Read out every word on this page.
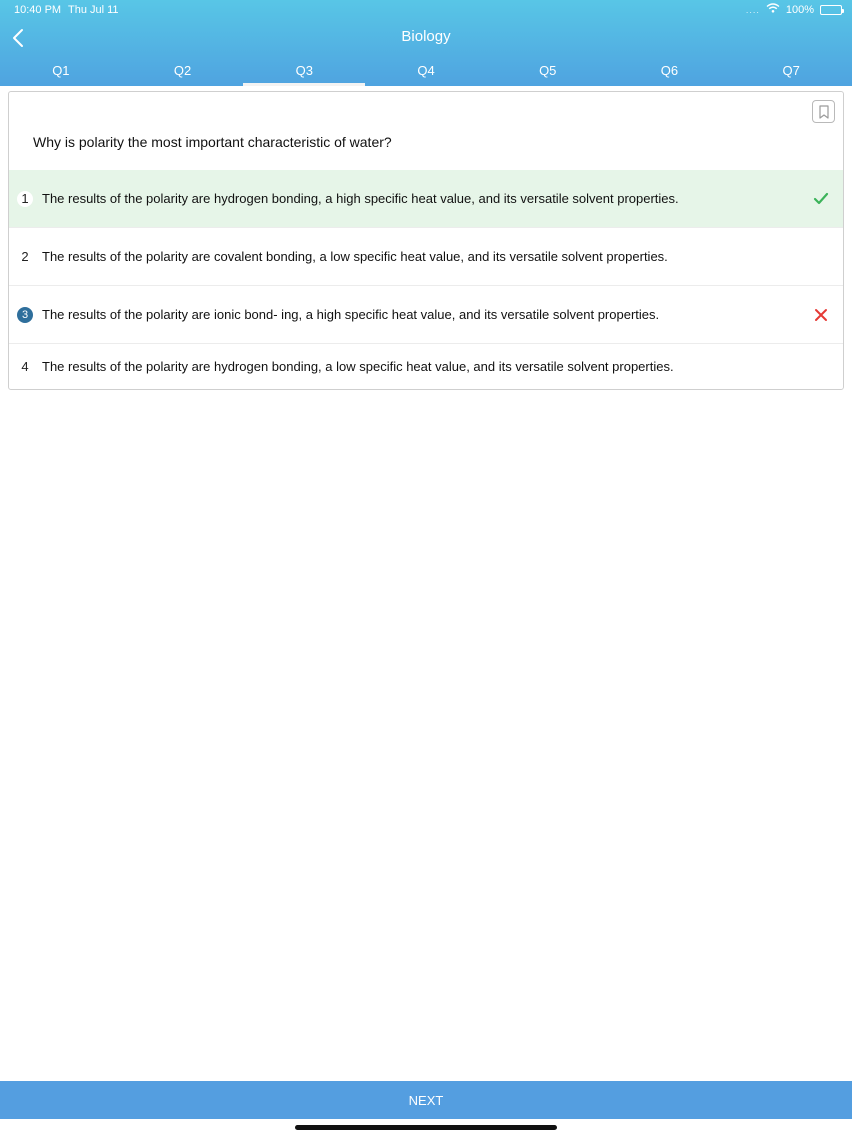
10:40 PM Thu Jul 11	.... 100%
Biology
Q1	Q2	Q3	Q4	Q5	Q6	Q7
Why is polarity the most important characteristic of water?
1	The results of the polarity are hydrogen bonding, a high specific heat value, and its versatile solvent properties.
2	The results of the polarity are covalent bonding, a low specific heat value, and its versatile solvent properties.
3	The results of the polarity are ionic bond- ing, a high specific heat value, and its versatile solvent properties.
4	The results of the polarity are hydrogen bonding, a low specific heat value, and its versatile solvent properties.
NEXT
